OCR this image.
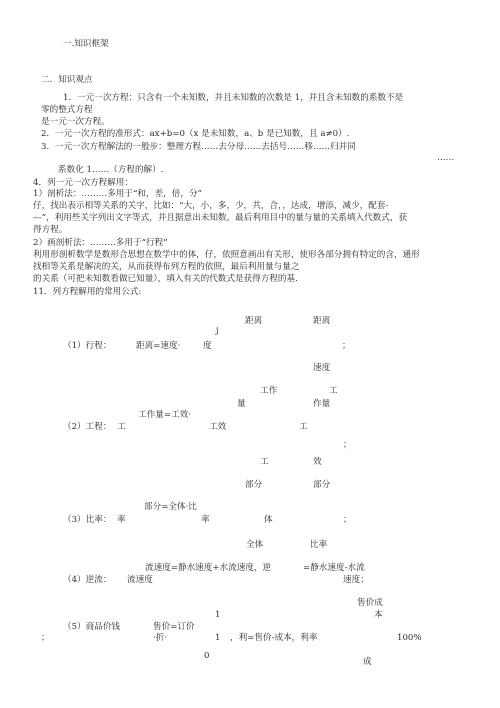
一.知识框架
二．知识观点
1．一元一次方程：只含有一个未知数，并且未知数的次数是 1，并且含未知数的系数不是
零的整式方程
是一元一次方程。
2．一元一次方程的准形式：ax+b=0（x 是未知数，a、b 是已知数，且 a≠0）.
3．一元一次方程解法的一般步：整理方程……去分母……去括号……移……归并同
……
系数化 1……（方程的解）.
4．列一元一次方程解用：
1）剖析法：………多用于“和，差，倍，分”
仔，找出表示相等关系的关字，比如：“大，小，多，少，共，合，，达成，增添，减少，配套-
---”，利用些关字列出文字等式，并且据意出未知数，最后利用目中的量与量的关系填入代数式，获
得方程。
2）画剖析法：………多用于“行程”
利用形剖析数学是数形合思想在数学中的体，仔，依照意画出有关形，使形各部分拥有特定的含，通形
找相等关系是解决的关，从而获得布列方程的依照，最后利用量与量之
的关系（可把未知数看做已知量），填入有关的代数式是获得方程的基.
11．列方程解用的常用公式:
距离	距离
j
（1）行程：	距离=速度·	度	；
速度
工作	工
量	作量
工作量=工效·
（2）工程： 工	工效	工
；
工	效
部分	部分
部分=全体·比
（3）比率： 率	率	体	；
全体	比率
流速度=静水速度+水流速度，逆	=静水速度-水流
（4）逆流： 流速度	速度；
售价成
本
1
（5）商品价钱	售价=订价
；	·折·	1 ，利=售价-成本，利率	100%
0
成
